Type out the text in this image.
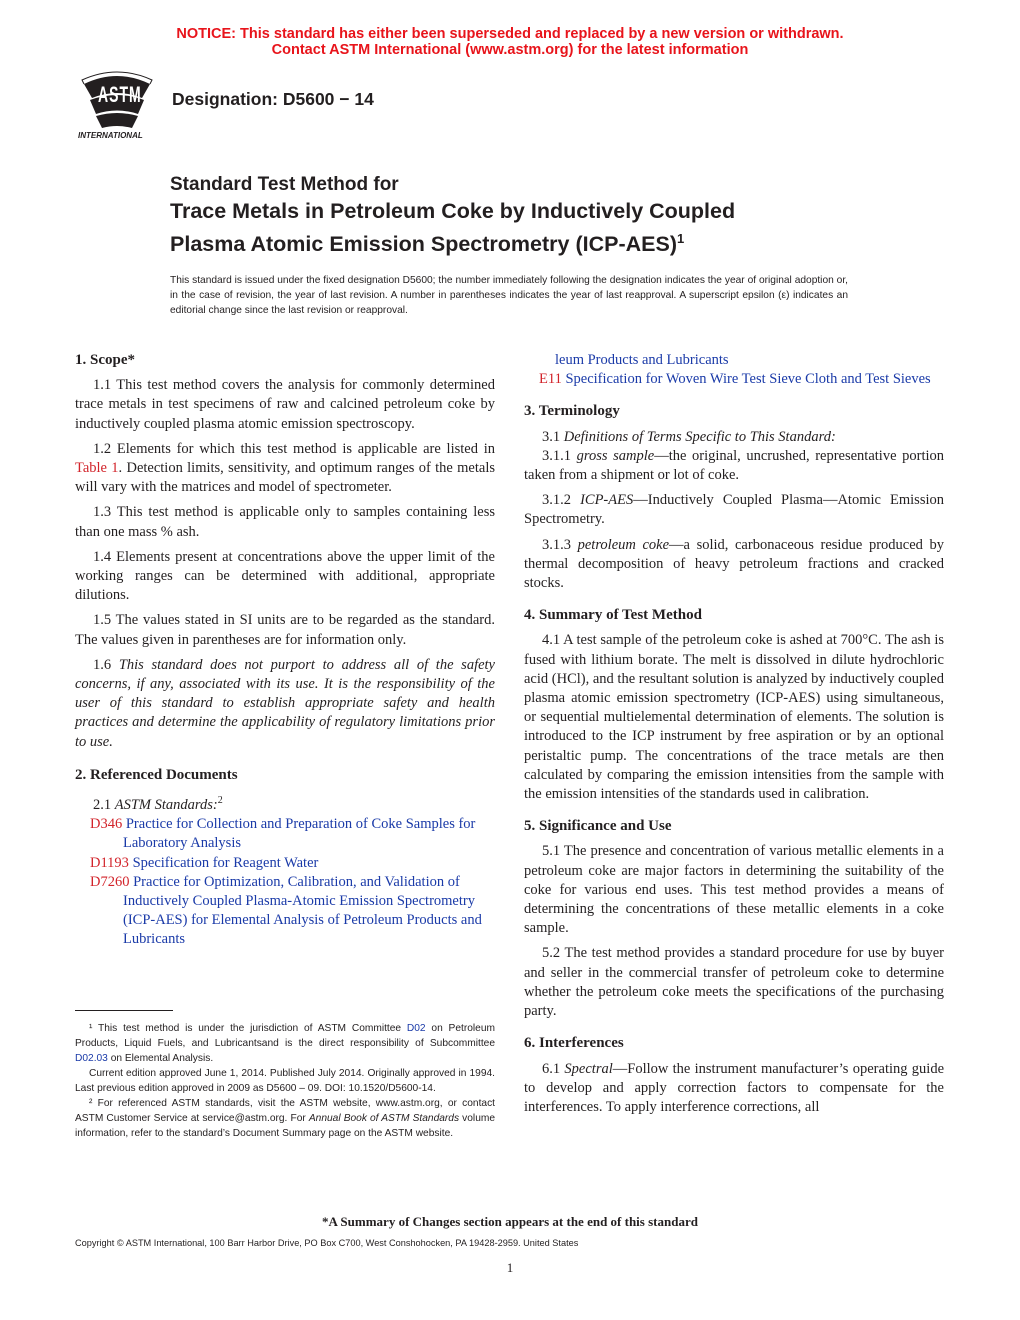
NOTICE: This standard has either been superseded and replaced by a new version or withdrawn.
Contact ASTM International (www.astm.org) for the latest information
ASTM
INTERNATIONAL
Designation: D5600 − 14
Standard Test Method for
Trace Metals in Petroleum Coke by Inductively Coupled
Plasma Atomic Emission Spectrometry $(ICP-AES)^1$
This standard is issued under the fixed designation D5600; the number immediately following the designation indicates the year of original adoption or, in the case of revision, the year of last revision. A number in parentheses indicates the year of last reapproval. A superscript epsilon (ε) indicates an editorial change since the last revision or reapproval.

1. Scope*

1.1 This test method covers the analysis for commonly determined trace metals in test specimens of raw and calcined petroleum coke by inductively coupled plasma atomic emission spectroscopy.

1.2 Elements for which this test method is applicable are listed in Table 1. Detection limits, sensitivity, and optimum ranges of the metals will vary with the matrices and model of spectrometer.

1.3 This test method is applicable only to samples containing less than one mass % ash.

1.4 Elements present at concentrations above the upper limit of the working ranges can be determined with additional, appropriate dilutions.

1.5 The values stated in SI units are to be regarded as the standard. The values given in parentheses are for information only.

1.6 This standard does not purport to address all of the safety concerns, if any, associated with its use. It is the responsibility of the user of this standard to establish appropriate safety and health practices and determine the applicability of regulatory limitations prior to use.

2. Referenced Documents

2.1 ASTM Standards:$^2$

D346 Practice for Collection and Preparation of Coke Samples for Laboratory Analysis

D1193 Specification for Reagent Water

D7260 Practice for Optimization, Calibration, and Validation of Inductively Coupled Plasma-Atomic Emission Spectrometry (ICP-AES) for Elemental Analysis of Petroleum Products and Lubricants

¹ This test method is under the jurisdiction of ASTM Committee D02 on Petroleum Products, Liquid Fuels, and Lubricantsand is the direct responsibility of Subcommittee D02.03 on Elemental Analysis.

Current edition approved June 1, 2014. Published July 2014. Originally approved in 1994. Last previous edition approved in 2009 as D5600 – 09. DOI: 10.1520/D5600-14.

² For referenced ASTM standards, visit the ASTM website, www.astm.org, or contact ASTM Customer Service at service@astm.org. For Annual Book of ASTM Standards volume information, refer to the standard’s Document Summary page on the ASTM website.

leum Products and Lubricants

E11 Specification for Woven Wire Test Sieve Cloth and Test Sieves

3. Terminology

3.1 Definitions of Terms Specific to This Standard:

3.1.1 gross sample—the original, uncrushed, representative portion taken from a shipment or lot of coke.

3.1.2 ICP-AES—Inductively Coupled Plasma—Atomic Emission Spectrometry.

3.1.3 petroleum coke—a solid, carbonaceous residue produced by thermal decomposition of heavy petroleum fractions and cracked stocks.

4. Summary of Test Method

4.1 A test sample of the petroleum coke is ashed at 700°C. The ash is fused with lithium borate. The melt is dissolved in dilute hydrochloric acid (HCl), and the resultant solution is analyzed by inductively coupled plasma atomic emission spectrometry (ICP-AES) using simultaneous, or sequential multielemental determination of elements. The solution is introduced to the ICP instrument by free aspiration or by an optional peristaltic pump. The concentrations of the trace metals are then calculated by comparing the emission intensities from the sample with the emission intensities of the standards used in calibration.

5. Significance and Use

5.1 The presence and concentration of various metallic elements in a petroleum coke are major factors in determining the suitability of the coke for various end uses. This test method provides a means of determining the concentrations of these metallic elements in a coke sample.

5.2 The test method provides a standard procedure for use by buyer and seller in the commercial transfer of petroleum coke to determine whether the petroleum coke meets the specifications of the purchasing party.

6. Interferences

6.1 Spectral—Follow the instrument manufacturer’s operating guide to develop and apply correction factors to compensate for the interferences. To apply interference corrections, all

*A Summary of Changes section appears at the end of this standard
Copyright © ASTM International, 100 Barr Harbor Drive, PO Box C700, West Conshohocken, PA 19428-2959. United States
1
